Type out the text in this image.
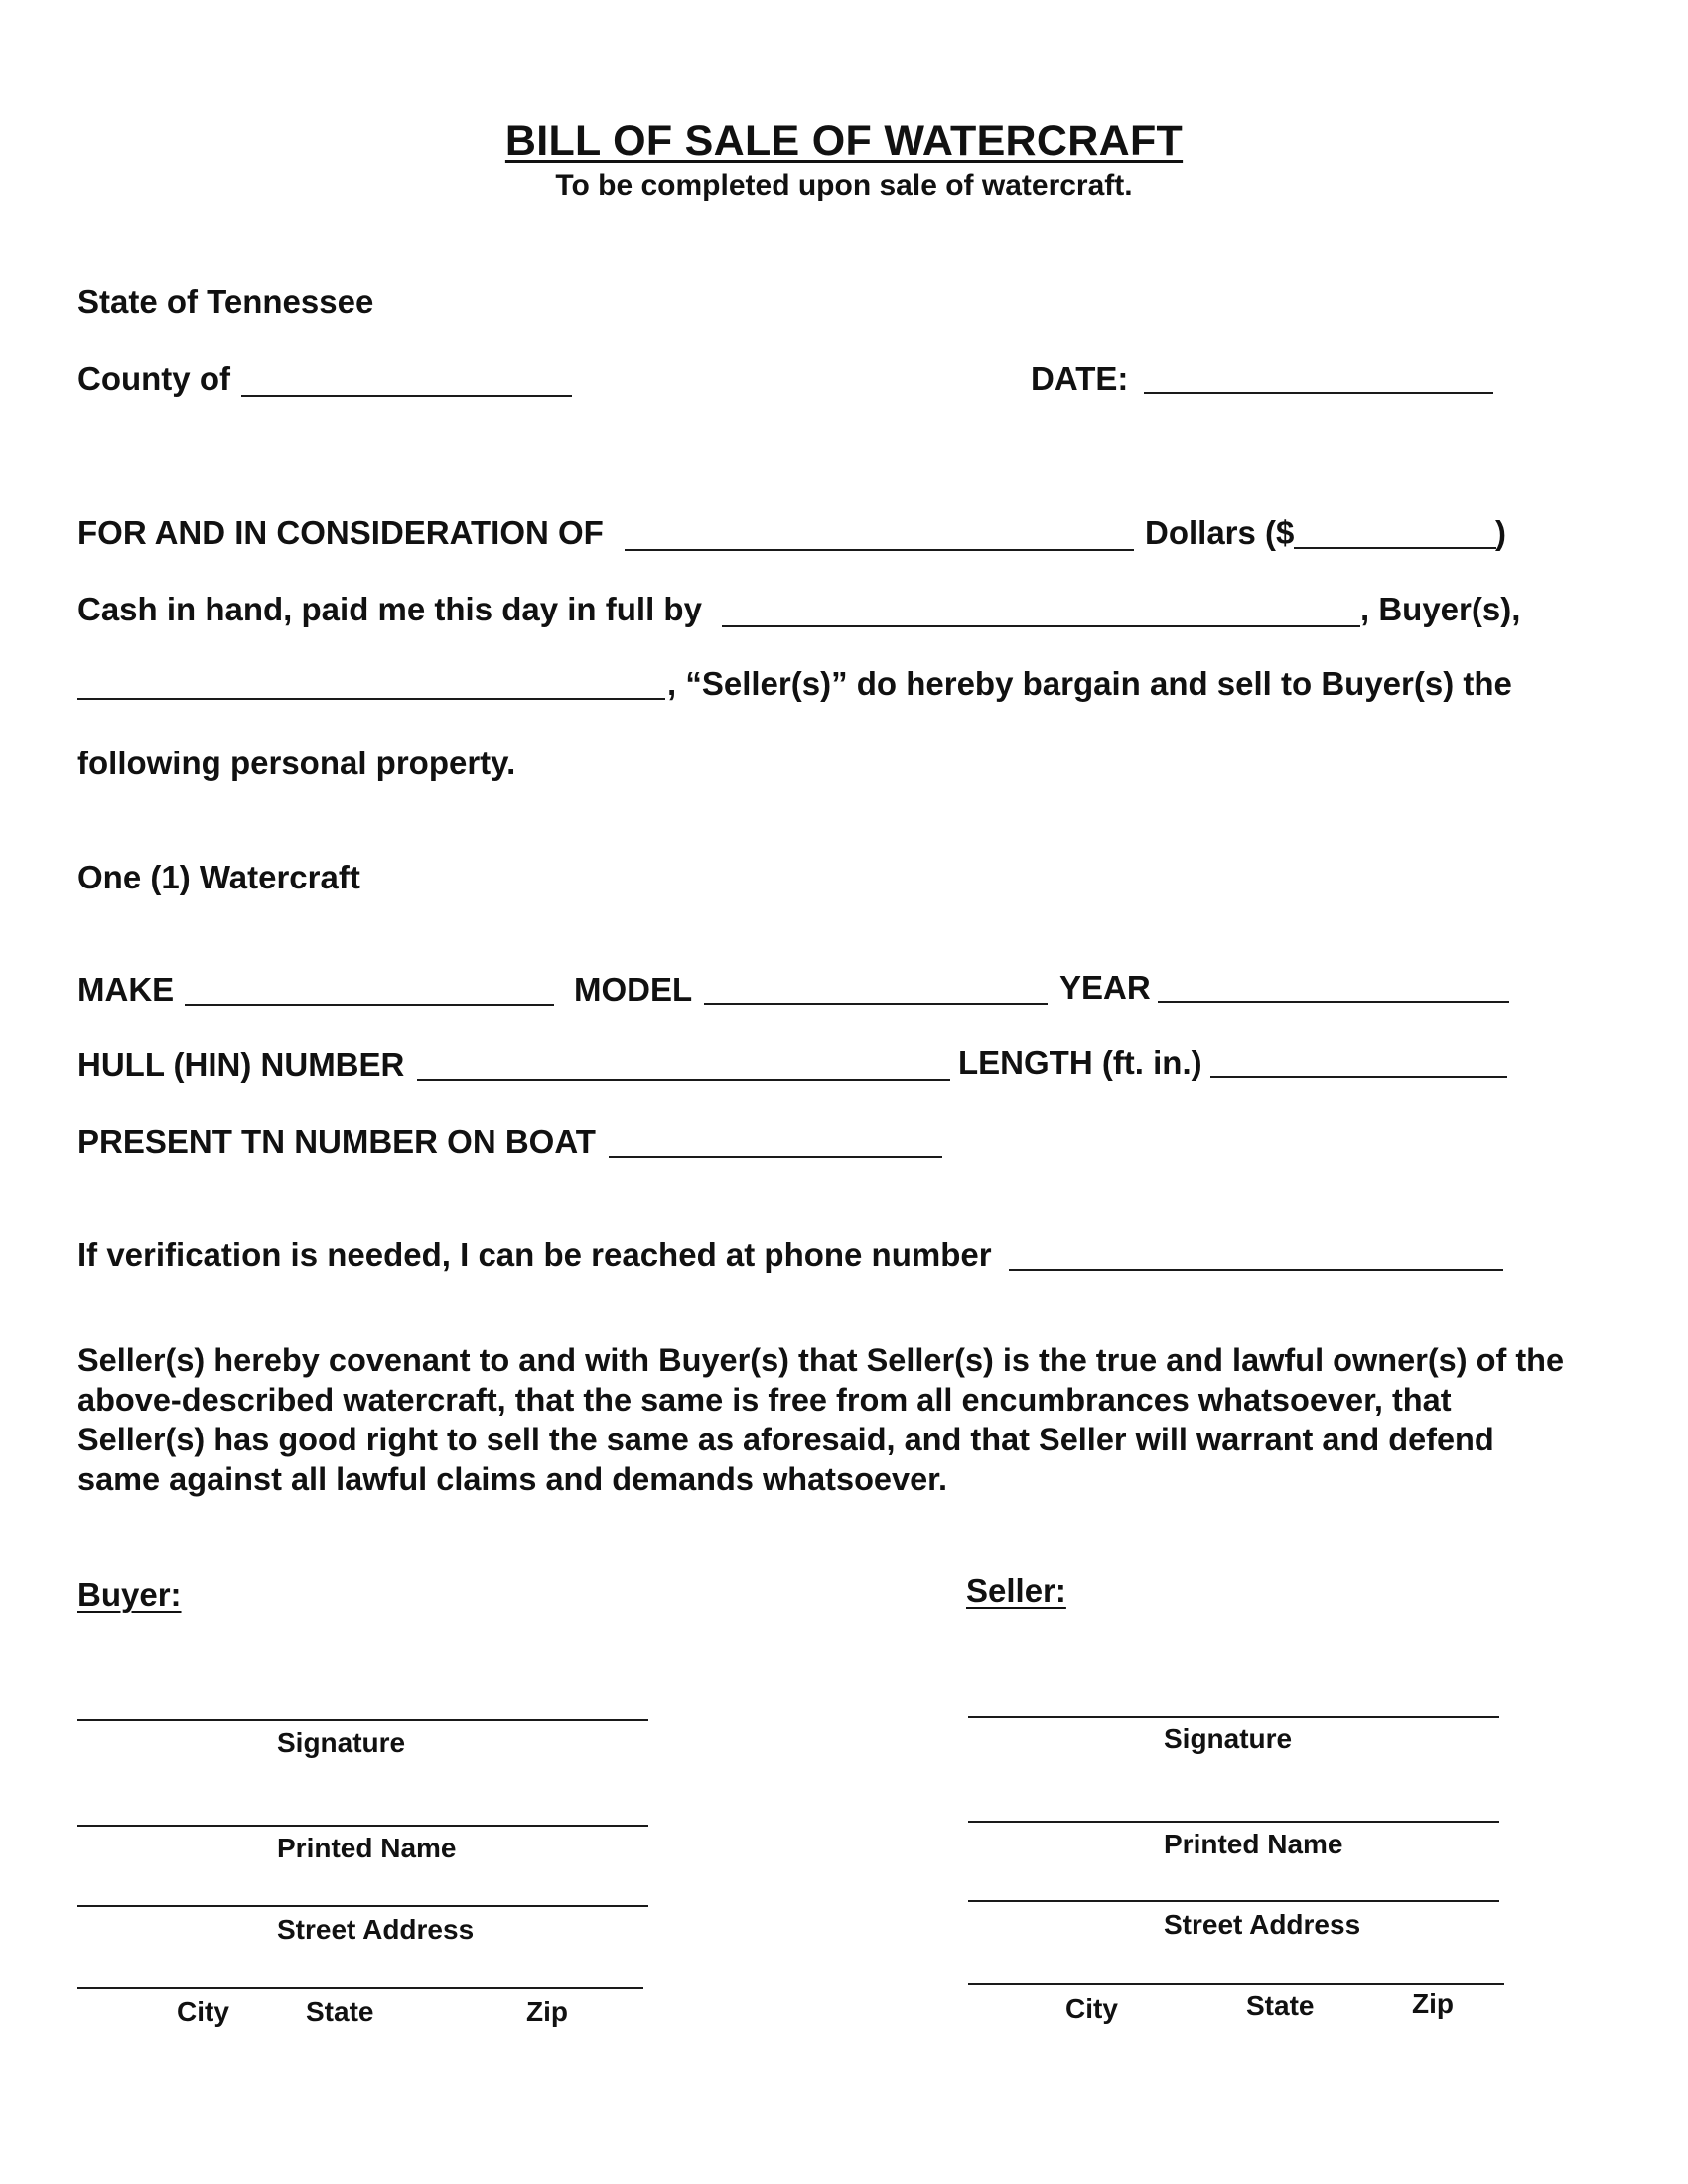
BILL OF SALE OF WATERCRAFT
To be completed upon sale of watercraft.
State of Tennessee
County of	DATE:
FOR AND IN CONSIDERATION OF	Dollars ($	)
Cash in hand, paid me this day in full by	, Buyer(s),
, “Seller(s)” do hereby bargain and sell to Buyer(s) the
following personal property.
One (1) Watercraft
MAKE	MODEL	YEAR
HULL (HIN) NUMBER	LENGTH (ft. in.)
PRESENT TN NUMBER ON BOAT
If verification is needed, I can be reached at phone number
Seller(s) hereby covenant to and with Buyer(s) that Seller(s) is the true and lawful owner(s) of the
above-described watercraft, that the same is free from all encumbrances whatsoever, that
Seller(s) has good right to sell the same as aforesaid, and that Seller will warrant and defend
same against all lawful claims and demands whatsoever.
Buyer:
Signature
Printed Name
Street Address
City	State	Zip
Seller:
Signature
Printed Name
Street Address
City	State	Zip
